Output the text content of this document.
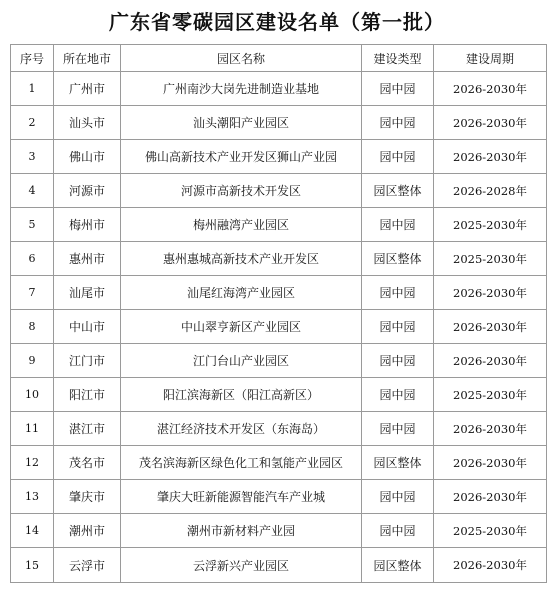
广东省零碳园区建设名单（第一批）
序号	所在地市	园区名称	建设类型	建设周期
1	广州市	广州南沙大岗先进制造业基地	园中园	2026-2030年
2	汕头市	汕头潮阳产业园区	园中园	2026-2030年
3	佛山市	佛山高新技术产业开发区狮山产业园	园中园	2026-2030年
4	河源市	河源市高新技术开发区	园区整体	2026-2028年
5	梅州市	梅州融湾产业园区	园中园	2025-2030年
6	惠州市	惠州惠城高新技术产业开发区	园区整体	2025-2030年
7	汕尾市	汕尾红海湾产业园区	园中园	2026-2030年
8	中山市	中山翠亨新区产业园区	园中园	2026-2030年
9	江门市	江门台山产业园区	园中园	2026-2030年
10	阳江市	阳江滨海新区（阳江高新区）	园中园	2025-2030年
11	湛江市	湛江经济技术开发区（东海岛）	园中园	2026-2030年
12	茂名市	茂名滨海新区绿色化工和氢能产业园区	园区整体	2026-2030年
13	肇庆市	肇庆大旺新能源智能汽车产业城	园中园	2026-2030年
14	潮州市	潮州市新材料产业园	园中园	2025-2030年
15	云浮市	云浮新兴产业园区	园区整体	2026-2030年
